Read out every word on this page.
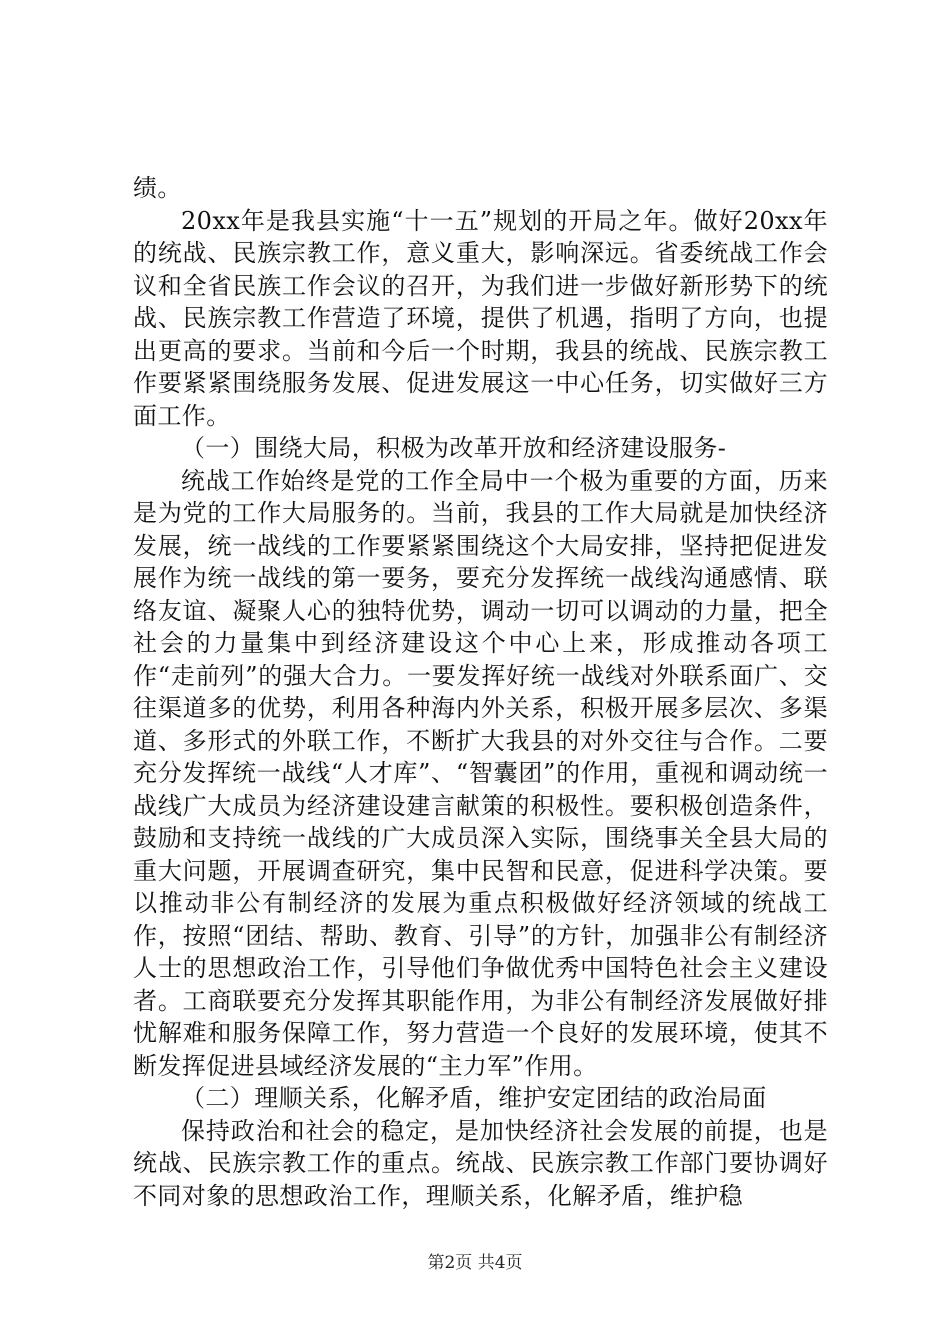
绩。

20xx年是我县实施“十一五”规划的开局之年。做好20xx年的统战、民族宗教工作，意义重大，影响深远。省委统战工作会议和全省民族工作会议的召开，为我们进一步做好新形势下的统战、民族宗教工作营造了环境，提供了机遇，指明了方向，也提出更高的要求。当前和今后一个时期，我县的统战、民族宗教工作要紧紧围绕服务发展、促进发展这一中心任务，切实做好三方面工作。

（一）围绕大局，积极为改革开放和经济建设服务-

统战工作始终是党的工作全局中一个极为重要的方面，历来是为党的工作大局服务的。当前，我县的工作大局就是加快经济发展，统一战线的工作要紧紧围绕这个大局安排，坚持把促进发展作为统一战线的第一要务，要充分发挥统一战线沟通感情、联络友谊、凝聚人心的独特优势，调动一切可以调动的力量，把全社会的力量集中到经济建设这个中心上来，形成推动各项工作“走前列”的强大合力。一要发挥好统一战线对外联系面广、交往渠道多的优势，利用各种海内外关系，积极开展多层次、多渠道、多形式的外联工作，不断扩大我县的对外交往与合作。二要充分发挥统一战线“人才库”、“智囊团”的作用，重视和调动统一战线广大成员为经济建设建言献策的积极性。要积极创造条件，鼓励和支持统一战线的广大成员深入实际，围绕事关全县大局的重大问题，开展调查研究，集中民智和民意，促进科学决策。要以推动非公有制经济的发展为重点积极做好经济领域的统战工作，按照“团结、帮助、教育、引导”的方针，加强非公有制经济人士的思想政治工作，引导他们争做优秀中国特色社会主义建设者。工商联要充分发挥其职能作用，为非公有制经济发展做好排忧解难和服务保障工作，努力营造一个良好的发展环境，使其不断发挥促进县域经济发展的“主力军”作用。

（二）理顺关系，化解矛盾，维护安定团结的政治局面

保持政治和社会的稳定，是加快经济社会发展的前提，也是统战、民族宗教工作的重点。统战、民族宗教工作部门要协调好不同对象的思想政治工作，理顺关系，化解矛盾，维护稳

第2页 共4页
